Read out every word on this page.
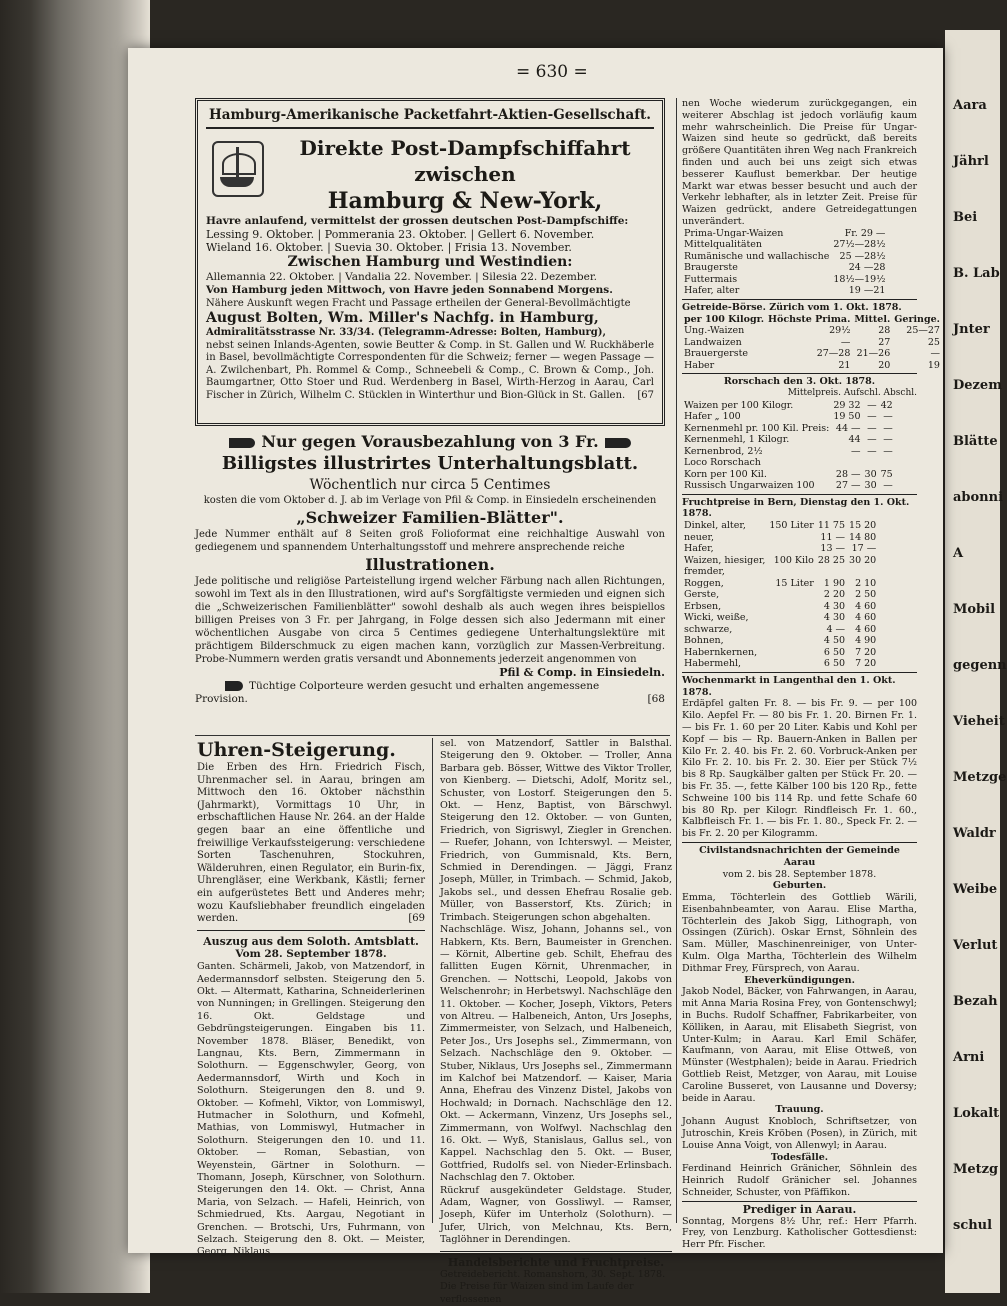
Aara
Jährl
Bei
B. Lab
Jnter
Dezem
Blätte
abonni
A
Mobil
gegenn
Vieheit
Metzge
Waldr
Weibe
Verlut
Bezah
Arni
Lokalt
Metzg
schul
= 630 =
Hamburg-Amerikanische Packetfahrt-Aktien-Gesellschaft.
Direkte Post-Dampfschiffahrt zwischen
Hamburg & New-York,
Havre anlaufend, vermittelst der grossen deutschen Post-Dampfschiffe:
Lessing 9. Oktober. | Pommerania 23. Oktober. | Gellert 6. November.
Wieland 16. Oktober. | Suevia 30. Oktober. | Frisia 13. November.
Zwischen Hamburg und Westindien:
Allemannia 22. Oktober. | Vandalia 22. November. | Silesia 22. Dezember.
Von Hamburg jeden Mittwoch, von Havre jeden Sonnabend Morgens.
Nähere Auskunft wegen Fracht und Passage ertheilen der General-Bevollmächtigte
August Bolten, Wm. Miller's Nachfg. in Hamburg,
Admiralitätsstrasse Nr. 33/34. (Telegramm-Adresse: Bolten, Hamburg),
nebst seinen Inlands-Agenten, sowie Beutter & Comp. in St. Gallen und W. Ruckhäberle in Basel, bevollmächtigte Correspondenten für die Schweiz; ferner — wegen Passage — A. Zwilchenbart, Ph. Rommel & Comp., Schneebeli & Comp., C. Brown & Comp., Joh. Baumgartner, Otto Stoer und Rud. Werdenberg in Basel, Wirth-Herzog in Aarau, Carl Fischer in Zürich, Wilhelm C. Stücklen in Winterthur und Bion-Glück in St. Gallen. [67
Nur gegen Vorausbezahlung von 3 Fr.
Billigstes illustrirtes Unterhaltungsblatt.
Wöchentlich nur circa 5 Centimes
kosten die vom Oktober d. J. ab im Verlage von Pfil & Comp. in Einsiedeln erscheinenden
„Schweizer Familien-Blätter".
Jede Nummer enthält auf 8 Seiten groß Folioformat eine reichhaltige Auswahl von gediegenem und spannendem Unterhaltungsstoff und mehrere ansprechende reiche
Illustrationen.
Jede politische und religiöse Parteistellung irgend welcher Färbung nach allen Richtungen, sowohl im Text als in den Illustrationen, wird auf's Sorgfältigste vermieden und eignen sich die „Schweizerischen Familienblätter" sowohl deshalb als auch wegen ihres beispiellos billigen Preises von 3 Fr. per Jahrgang, in Folge dessen sich also Jedermann mit einer wöchentlichen Ausgabe von circa 5 Centimes gediegene Unterhaltungslektüre mit prächtigem Bilderschmuck zu eigen machen kann, vorzüglich zur Massen-Verbreitung. Probe-Nummern werden gratis versandt und Abonnements jederzeit angenommen von
Pfil & Comp. in Einsiedeln.
Tüchtige Colporteure werden gesucht und erhalten angemessene
Provision.	[68
Uhren-Steigerung.
Die Erben des Hrn. Friedrich Fisch, Uhrenmacher sel. in Aarau, bringen am Mittwoch den 16. Oktober nächsthin (Jahrmarkt), Vormittags 10 Uhr, in erbschaftlichen Hause Nr. 264. an der Halde gegen baar an eine öffentliche und freiwillige Verkaufssteigerung: verschiedene Sorten Taschenuhren, Stockuhren, Wälderuhren, einen Regulator, ein Burin-fix, Uhrengläser, eine Werkbank, Kästli; ferner ein aufgerüstetes Bett und Anderes mehr; wozu Kaufsliebhaber freundlich eingeladen werden.	[69
Auszug aus dem Soloth. Amtsblatt.
Vom 28. September 1878.
Ganten. Schärmeli, Jakob, von Matzendorf, in Aedermannsdorf selbsten. Steigerung den 5. Okt. — Altermatt, Katharina, Schneiderlerinen von Nunningen; in Grellingen. Steigerung den 16. Okt. Geldstage und Gebdrüngsteigerungen. Eingaben bis 11. November 1878. Bläser, Benedikt, von Langnau, Kts. Bern, Zimmermann in Solothurn. — Eggenschwyler, Georg, von Aedermannsdorf, Wirth und Koch in Solothurn. Steigerungen den 8. und 9. Oktober. — Kofmehl, Viktor, von Lommiswyl, Hutmacher in Solothurn, und Kofmehl, Mathias, von Lommiswyl, Hutmacher in Solothurn. Steigerungen den 10. und 11. Oktober. — Roman, Sebastian, von Weyenstein, Gärtner in Solothurn. — Thomann, Joseph, Kürschner, von Solothurn. Steigerungen den 14. Okt. — Christ, Anna Maria, von Selzach. — Hafeli, Heinrich, von Schmiedrued, Kts. Aargau, Negotiant in Grenchen. — Brotschi, Urs, Fuhrmann, von Selzach. Steigerung den 8. Okt. — Meister, Georg, Niklaus
sel. von Matzendorf, Sattler in Balsthal. Steigerung den 9. Oktober. — Troller, Anna Barbara geb. Bösser, Wittwe des Viktor Troller, von Kienberg. — Dietschi, Adolf, Moritz sel., Schuster, von Lostorf. Steigerungen den 5. Okt. — Henz, Baptist, von Bärschwyl. Steigerung den 12. Oktober. — von Gunten, Friedrich, von Sigriswyl, Ziegler in Grenchen. — Ruefer, Johann, von Ichterswyl. — Meister, Friedrich, von Gummisnald, Kts. Bern, Schmied in Derendingen. — Jäggi, Franz Joseph, Müller, in Trimbach. — Schmid, Jakob, Jakobs sel., und dessen Ehefrau Rosalie geb. Müller, von Basserstorf, Kts. Zürich; in Trimbach. Steigerungen schon abgehalten.
Nachschläge. Wisz, Johann, Johanns sel., von Habkern, Kts. Bern, Baumeister in Grenchen. — Körnit, Albertine geb. Schilt, Ehefrau des fallitten Eugen Körnit, Uhrenmacher, in Grenchen. — Nottschi, Leopold, Jakobs von Welschenrohr; in Herbetswyl. Nachschläge den 11. Oktober. — Kocher, Joseph, Viktors, Peters von Altreu. — Halbeneich, Anton, Urs Josephs, Zimmermeister, von Selzach, und Halbeneich, Peter Jos., Urs Josephs sel., Zimmermann, von Selzach. Nachschläge den 9. Oktober. — Stuber, Niklaus, Urs Josephs sel., Zimmermann im Kalchof bei Matzendorf. — Kaiser, Maria Anna, Ehefrau des Vinzenz Distel, Jakobs von Hochwald; in Dornach. Nachschläge den 12. Okt. — Ackermann, Vinzenz, Urs Josephs sel., Zimmermann, von Wolfwyl. Nachschlag den 16. Okt. — Wyß, Stanislaus, Gallus sel., von Kappel. Nachschlag den 5. Okt. — Buser, Gottfried, Rudolfs sel. von Nieder-Erlinsbach. Nachschlag den 7. Oktober.
Rückruf ausgekündeter Geldstage. Studer, Adam, Wagner, von Gossliwyl. — Ramser, Joseph, Küfer im Unterholz (Solothurn). — Jufer, Ulrich, von Melchnau, Kts. Bern, Taglöhner in Derendingen.
Handelsberichte und Fruchtpreise.
Getreidebericht. Romanshorn, 30. Sept. 1878. Die Preise für Waizen sind im Laufe der verflossenen
nen Woche wiederum zurückgegangen, ein weiterer Abschlag ist jedoch vorläufig kaum mehr wahrscheinlich. Die Preise für Ungar-Waizen sind heute so gedrückt, daß bereits größere Quantitäten ihren Weg nach Frankreich finden und auch bei uns zeigt sich etwas besserer Kauflust bemerkbar. Der heutige Markt war etwas besser besucht und auch der Verkehr lebhafter, als in letzter Zeit. Preise für Waizen gedrückt, andere Getreidegattungen unverändert.
Prima-Ungar-Waizen	Fr. 29 —
Mittelqualitäten	27½—28½
Rumänische und wallachische	25 —28½
Braugerste	24 —28
Futtermais	18½—19½
Hafer, alter	19 —21
Getreide-Börse. Zürich vom 1. Okt. 1878.
per 100 Kilogr.	Höchste Prima.	Mittel.	Geringe.
Ung.-Waizen	29½	28	25—27
Landwaizen	—	27	25
Brauergerste	27—28	21—26	—
Haber	21	20	19
Rorschach den 3. Okt. 1878.
Mittelpreis. Aufschl. Abschl.
Waizen per 100 Kilogr.	29 32	—	42
Hafer „ 100	19 50	—	—
Kernenmehl pr. 100 Kil. Preis:	44 —	—	—
Kernenmehl, 1 Kilogr.	44	—	—
Kernenbrod, 2½	—	—	—
Loco Rorschach			
Korn per 100 Kil.	28 —	30	75
Russisch Ungarwaizen 100	27 —	30	—
Fruchtpreise in Bern, Dienstag den 1. Okt. 1878.
Dinkel, alter,	150 Liter	11 75	15 20
neuer,		11 —	14 80
Hafer,		13 —	17 —
Waizen, hiesiger,	100 Kilo	28 25	30 20
fremder,			
Roggen,	15 Liter	1 90	2 10
Gerste,		2 20	2 50
Erbsen,		4 30	4 60
Wicki, weiße,		4 30	4 60
schwarze,		4 —	4 60
Bohnen,		4 50	4 90
Habernkernen,		6 50	7 20
Habermehl,		6 50	7 20
Wochenmarkt in Langenthal den 1. Okt. 1878.
Erdäpfel galten Fr. 8. — bis Fr. 9. — per 100 Kilo. Aepfel Fr. — 80 bis Fr. 1. 20. Birnen Fr. 1. — bis Fr. 1. 60 per 20 Liter. Kabis und Kohl per Kopf — bis — Rp. Bauern-Anken in Ballen per Kilo Fr. 2. 40. bis Fr. 2. 60. Vorbruck-Anken per Kilo Fr. 2. 10. bis Fr. 2. 30. Eier per Stück 7½ bis 8 Rp. Saugkälber galten per Stück Fr. 20. — bis Fr. 35. —, fette Kälber 100 bis 120 Rp., fette Schweine 100 bis 114 Rp. und fette Schafe 60 bis 80 Rp. per Kilogr. Rindfleisch Fr. 1. 60., Kalbfleisch Fr. 1. — bis Fr. 1. 80., Speck Fr. 2. — bis Fr. 2. 20 per Kilogramm.
Civilstandsnachrichten der Gemeinde Aarau
vom 2. bis 28. September 1878.
Geburten.
Emma, Töchterlein des Gottlieb Wärili, Eisenbahnbeamter, von Aarau. Elise Martha, Töchterlein des Jakob Sigg, Lithograph, von Ossingen (Zürich). Oskar Ernst, Söhnlein des Sam. Müller, Maschinenreiniger, von Unter-Kulm. Olga Martha, Töchterlein des Wilhelm Dithmar Frey, Fürsprech, von Aarau.
Eheverkündigungen.
Jakob Nodel, Bäcker, von Fahrwangen, in Aarau, mit Anna Maria Rosina Frey, von Gontenschwyl; in Buchs. Rudolf Schaffner, Fabrikarbeiter, von Kölliken, in Aarau, mit Elisabeth Siegrist, von Unter-Kulm; in Aarau. Karl Emil Schäfer, Kaufmann, von Aarau, mit Elise Ottweß, von Münster (Westphalen); beide in Aarau. Friedrich Gottlieb Reist, Metzger, von Aarau, mit Louise Caroline Busseret, von Lausanne und Doversy; beide in Aarau.
Trauung.
Johann August Knobloch, Schriftsetzer, von Jutroschin, Kreis Kröben (Posen), in Zürich, mit Louise Anna Voigt, von Allenwyl; in Aarau.
Todesfälle.
Ferdinand Heinrich Gränicher, Söhnlein des Heinrich Rudolf Gränicher sel. Johannes Schneider, Schuster, von Pfäffikon.
Prediger in Aarau.
Sonntag, Morgens 8½ Uhr, ref.: Herr Pfarrh. Frey, von Lenzburg. Katholischer Gottesdienst: Herr Pfr. Fischer.
